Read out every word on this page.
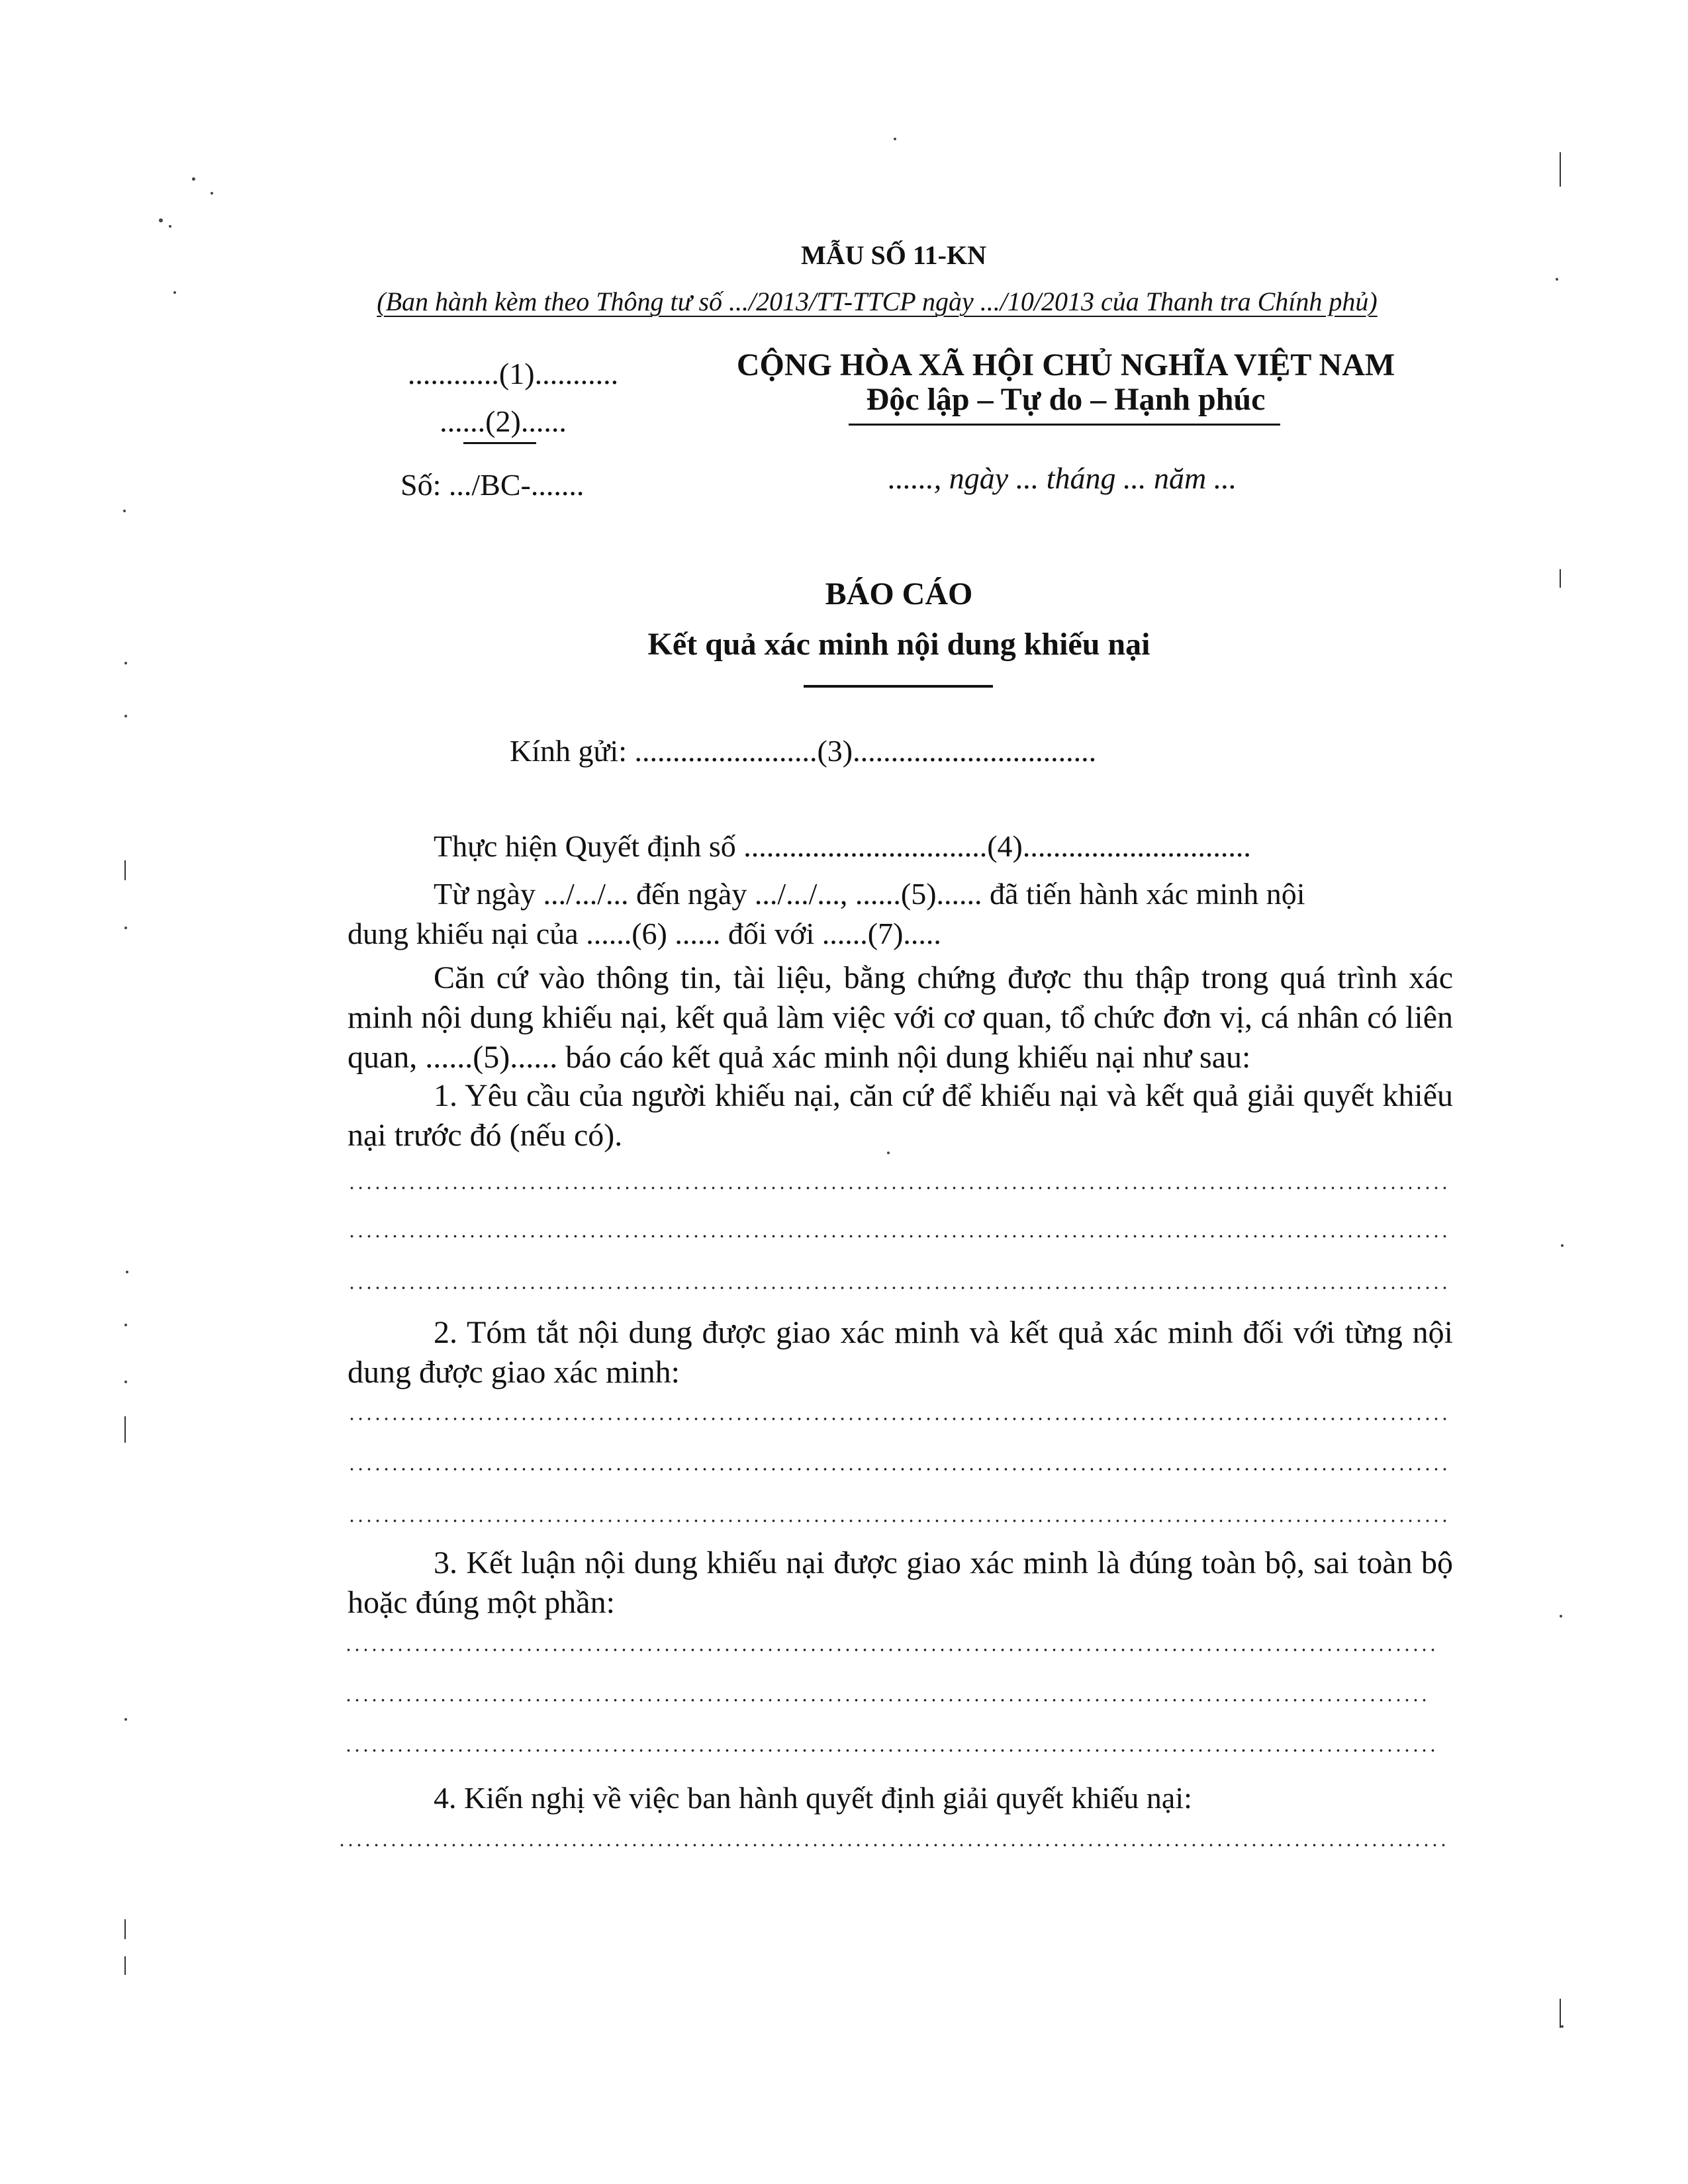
MẪU SỐ 11-KN
(Ban hành kèm theo Thông tư số .../2013/TT-TTCP ngày .../10/2013 của Thanh tra Chính phủ)
............(1)...........
......(2)......
Số: .../BC-.......
CỘNG HÒA XÃ HỘI CHỦ NGHĨA VIỆT NAM
Độc lập – Tự do – Hạnh phúc
......, ngày ... tháng ... năm ...
BÁO CÁO
Kết quả xác minh nội dung khiếu nại
Kính gửi: ........................(3)................................
Thực hiện Quyết định số ................................(4)..............................
Từ ngày .../.../... đến ngày .../.../..., ......(5)...... đã tiến hành xác minh nội
dung khiếu nại của ......(6) ...... đối với ......(7).....
Căn cứ vào thông tin, tài liệu, bằng chứng được thu thập trong quá trình xác minh nội dung khiếu nại, kết quả làm việc với cơ quan, tổ chức đơn vị, cá nhân có liên quan, ......(5)...... báo cáo kết quả xác minh nội dung khiếu nại như sau:
1. Yêu cầu của người khiếu nại, căn cứ để khiếu nại và kết quả giải quyết khiếu nại trước đó (nếu có).
2. Tóm tắt nội dung được giao xác minh và kết quả xác minh đối với từng nội dung được giao xác minh:
3. Kết luận nội dung khiếu nại được giao xác minh là đúng toàn bộ, sai toàn bộ hoặc đúng một phần:
4. Kiến nghị về việc ban hành quyết định giải quyết khiếu nại:
